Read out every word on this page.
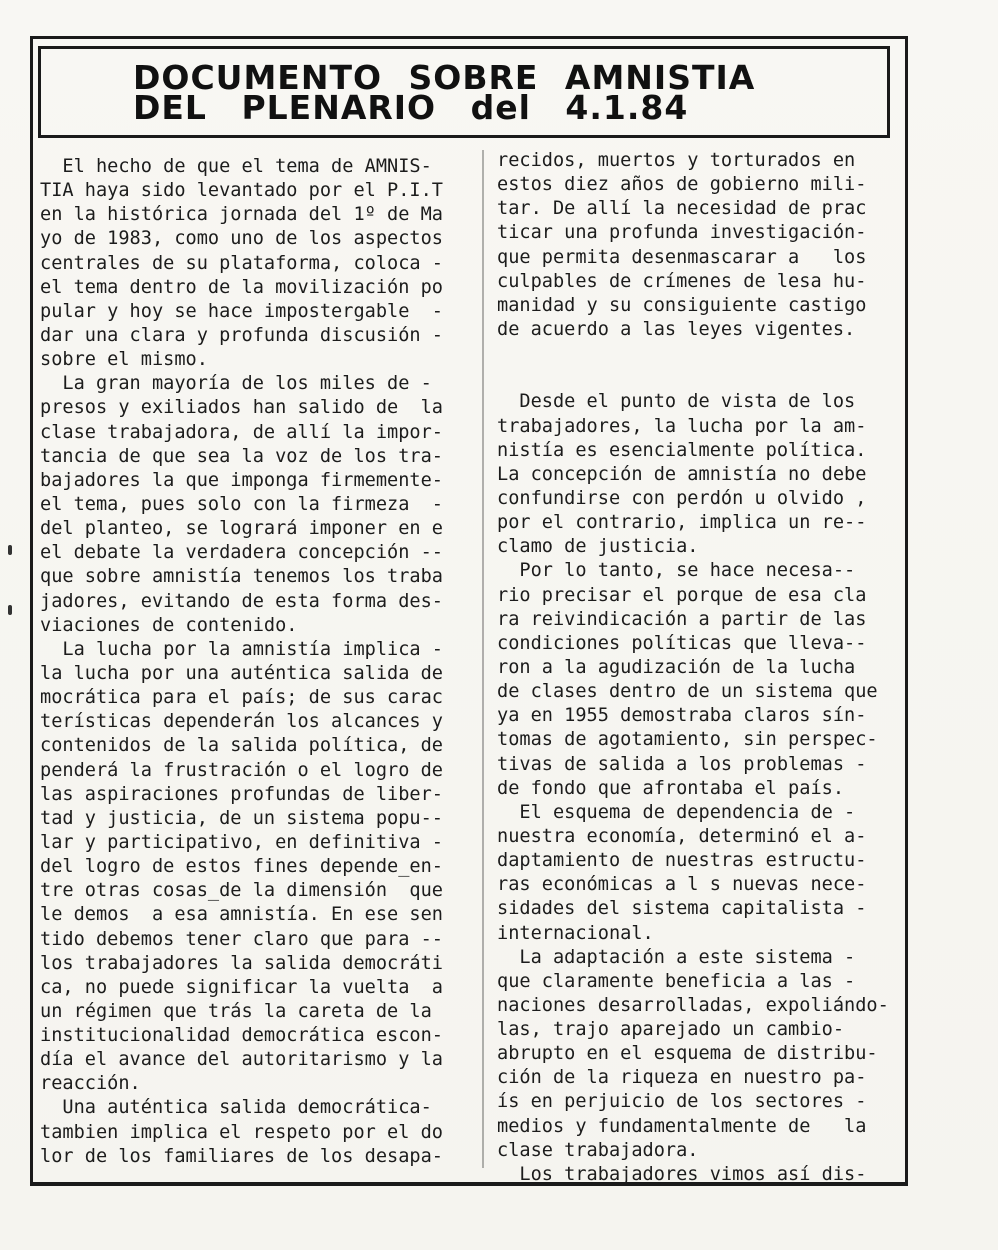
DOCUMENTO SOBRE AMNISTIA
DEL PLENARIO del 4.1.84
El hecho de que el tema de AMNIS-
TIA haya sido levantado por el P.I.T
en la histórica jornada del 1º de Ma
yo de 1983, como uno de los aspectos
centrales de su plataforma, coloca -
el tema dentro de la movilización po
pular y hoy se hace impostergable  -
dar una clara y profunda discusión -
sobre el mismo.
La gran mayoría de los miles de -
presos y exiliados han salido de  la
clase trabajadora, de allí la impor-
tancia de que sea la voz de los tra-
bajadores la que imponga firmemente-
el tema, pues solo con la firmeza  -
del planteo, se logrará imponer en e
el debate la verdadera concepción --
que sobre amnistía tenemos los traba
jadores, evitando de esta forma des-
viaciones de contenido.
La lucha por la amnistía implica -
la lucha por una auténtica salida de
mocrática para el país; de sus carac
terísticas dependerán los alcances y
contenidos de la salida política, de
penderá la frustración o el logro de
las aspiraciones profundas de liber-
tad y justicia, de un sistema popu--
lar y participativo, en definitiva -
del logro de estos fines depende_en-
tre otras cosas_de la dimensión  que
le demos  a esa amnistía. En ese sen
tido debemos tener claro que para --
los trabajadores la salida democráti
ca, no puede significar la vuelta  a
un régimen que trás la careta de la
institucionalidad democrática escon-
día el avance del autoritarismo y la
reacción.
Una auténtica salida democrática-
tambien implica el respeto por el do
lor de los familiares de los desapa-
recidos, muertos y torturados en
estos diez años de gobierno mili-
tar. De allí la necesidad de prac
ticar una profunda investigación-
que permita desenmascarar a   los
culpables de crímenes de lesa hu-
manidad y su consiguiente castigo
de acuerdo a las leyes vigentes.
Desde el punto de vista de los
trabajadores, la lucha por la am-
nistía es esencialmente política.
La concepción de amnistía no debe
confundirse con perdón u olvido ,
por el contrario, implica un re--
clamo de justicia.
Por lo tanto, se hace necesa--
rio precisar el porque de esa cla
ra reivindicación a partir de las
condiciones políticas que lleva--
ron a la agudización de la lucha
de clases dentro de un sistema que
ya en 1955 demostraba claros sín-
tomas de agotamiento, sin perspec-
tivas de salida a los problemas -
de fondo que afrontaba el país.
El esquema de dependencia de -
nuestra economía, determinó el a-
daptamiento de nuestras estructu-
ras económicas a l s nuevas nece-
sidades del sistema capitalista -
internacional.
La adaptación a este sistema -
que claramente beneficia a las -
naciones desarrolladas, expoliándo-
las, trajo aparejado un cambio-
abrupto en el esquema de distribu-
ción de la riqueza en nuestro pa-
ís en perjuicio de los sectores -
medios y fundamentalmente de   la
clase trabajadora.
Los trabajadores vimos así dis-
